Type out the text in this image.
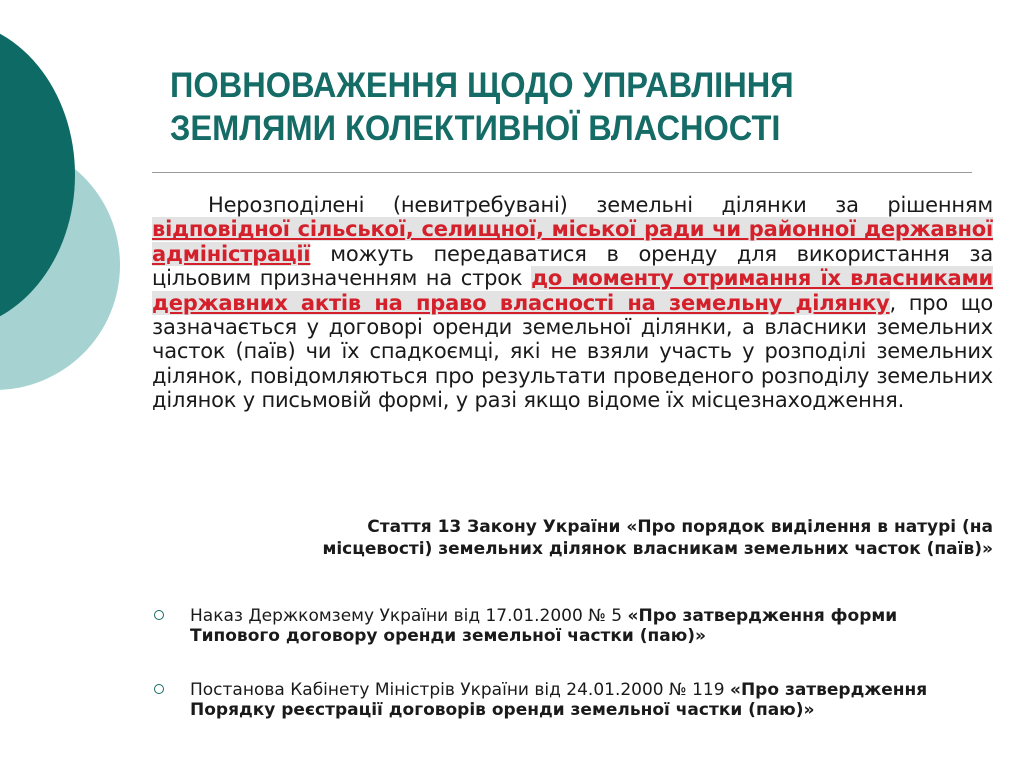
ПОВНОВАЖЕННЯ ЩОДО УПРАВЛІННЯ
ЗЕМЛЯМИ КОЛЕКТИВНОЇ ВЛАСНОСТІ

Нерозподілені (невитребувані) земельні ділянки за рішенням відповідної сільської, селищної, міської ради чи районної державної адміністрації можуть передаватися в оренду для використання за цільовим призначенням на строк до моменту отримання їх власниками державних актів на право власності на земельну ділянку, про що зазначається у договорі оренди земельної ділянки, а власники земельних часток (паїв) чи їх спадкоємці, які не взяли участь у розподілі земельних ділянок, повідомляються про результати проведеного розподілу земельних ділянок у письмовій формі, у разі якщо відоме їх місцезнаходження.

Стаття 13 Закону України «Про порядок виділення в натурі (на
місцевості) земельних ділянок власникам земельних часток (паїв)»

Наказ Держкомзему України від 17.01.2000 № 5 «Про затвердження форми Типового договору оренди земельної частки (паю)»
Постанова Кабінету Міністрів України від 24.01.2000 № 119 «Про затвердження Порядку реєстрації договорів оренди земельної частки (паю)»
